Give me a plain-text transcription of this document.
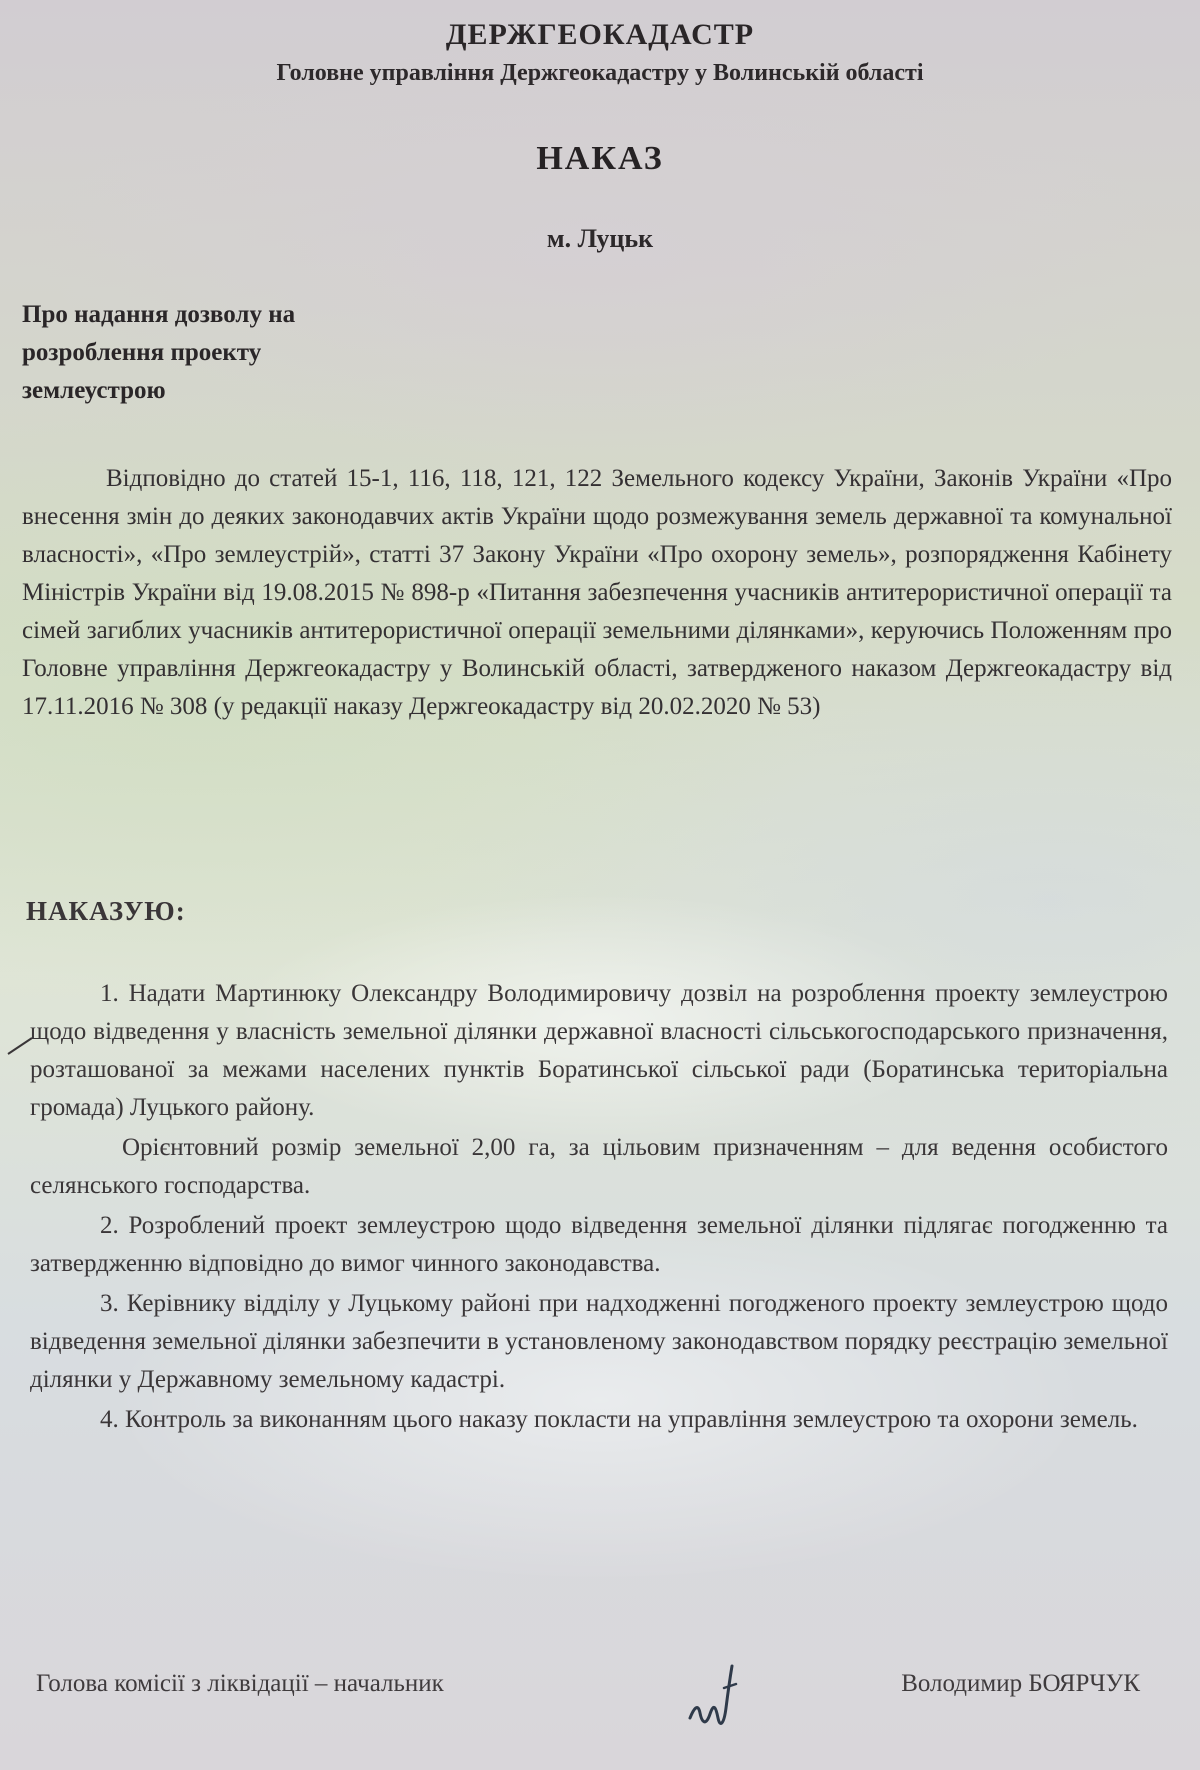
ДЕРЖГЕОКАДАСТР
Головне управління Держгеокадастру у Волинській області
НАКАЗ
м. Луцьк
Про надання дозволу на
розроблення проекту
землеустрою
Відповідно до статей 15-1, 116, 118, 121, 122 Земельного кодексу України, Законів України «Про внесення змін до деяких законодавчих актів України щодо розмежування земель державної та комунальної власності», «Про землеустрій», статті 37 Закону України «Про охорону земель», розпорядження Кабінету Міністрів України від 19.08.2015 № 898-р «Питання забезпечення учасників антитерористичної операції та сімей загиблих учасників антитерористичної операції земельними ділянками», керуючись Положенням про Головне управління Держгеокадастру у Волинській області, затвердженого наказом Держгеокадастру від 17.11.2016 № 308 (у редакції наказу Держгеокадастру від 20.02.2020 № 53)
НАКАЗУЮ:

1. Надати Мартинюку Олександру Володимировичу дозвіл на розроблення проекту землеустрою щодо відведення у власність земельної ділянки державної власності сільськогосподарського призначення, розташованої за межами населених пунктів Боратинської сільської ради (Боратинська територіальна громада) Луцького району.

Орієнтовний розмір земельної 2,00 га, за цільовим призначенням – для ведення особистого селянського господарства.

2. Розроблений проект землеустрою щодо відведення земельної ділянки підлягає погодженню та затвердженню відповідно до вимог чинного законодавства.

3. Керівнику відділу у Луцькому районі при надходженні погодженого проекту землеустрою щодо відведення земельної ділянки забезпечити в установленому законодавством порядку реєстрацію земельної ділянки у Державному земельному кадастрі.

4. Контроль за виконанням цього наказу покласти на управління землеустрою та охорони земель.

Голова комісії з ліквідації – начальник	Володимир БОЯРЧУК
